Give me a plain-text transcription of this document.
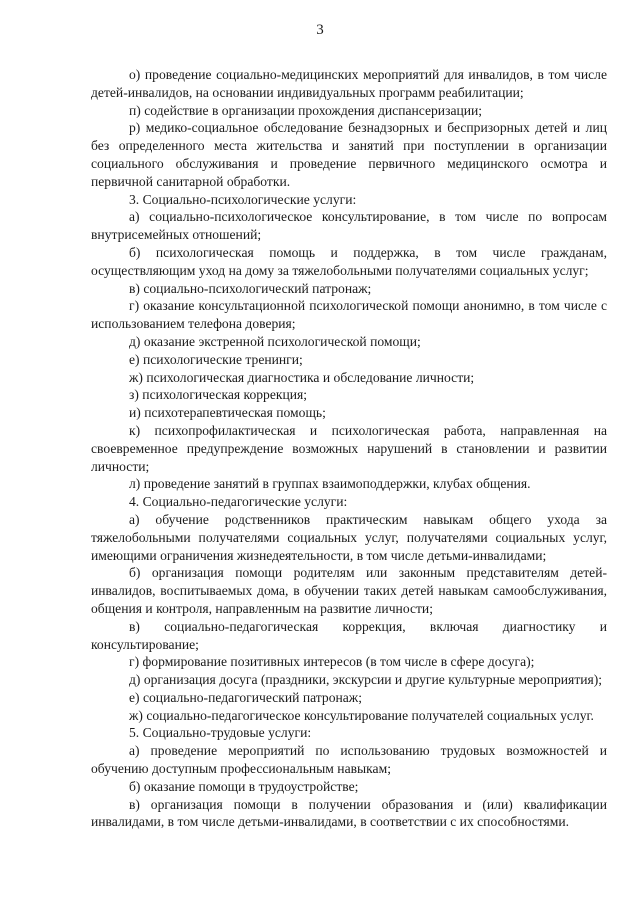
3

о) проведение социально-медицинских мероприятий для инвалидов, в том числе детей-инвалидов, на основании индивидуальных программ реабилитации;

п) содействие в организации прохождения диспансеризации;

р) медико-социальное обследование безнадзорных и беспризорных детей и лиц без определенного места жительства и занятий при поступлении в организации социального обслуживания и проведение первичного медицинского осмотра и первичной санитарной обработки.

3. Социально-психологические услуги:

а) социально-психологическое консультирование, в том числе по вопросам внутрисемейных отношений;

б) психологическая помощь и поддержка, в том числе гражданам, осуществляющим уход на дому за тяжелобольными получателями социальных услуг;

в) социально-психологический патронаж;

г) оказание консультационной психологической помощи анонимно, в том числе с использованием телефона доверия;

д) оказание экстренной психологической помощи;

е) психологические тренинги;

ж) психологическая диагностика и обследование личности;

з) психологическая коррекция;

и) психотерапевтическая помощь;

к) психопрофилактическая и психологическая работа, направленная на своевременное предупреждение возможных нарушений в становлении и развитии личности;

л) проведение занятий в группах взаимоподдержки, клубах общения.

4. Социально-педагогические услуги:

а) обучение родственников практическим навыкам общего ухода за тяжелобольными получателями социальных услуг, получателями социальных услуг, имеющими ограничения жизнедеятельности, в том числе детьми-инвалидами;

б) организация помощи родителям или законным представителям детей-инвалидов, воспитываемых дома, в обучении таких детей навыкам самообслуживания, общения и контроля, направленным на развитие личности;

в) социально-педагогическая коррекция, включая диагностику и консультирование;

г) формирование позитивных интересов (в том числе в сфере досуга);

д) организация досуга (праздники, экскурсии и другие культурные мероприятия);

е) социально-педагогический патронаж;

ж) социально-педагогическое консультирование получателей социальных услуг.

5. Социально-трудовые услуги:

а) проведение мероприятий по использованию трудовых возможностей и обучению доступным профессиональным навыкам;

б) оказание помощи в трудоустройстве;

в) организация помощи в получении образования и (или) квалификации инвалидами, в том числе детьми-инвалидами, в соответствии с их способностями.
